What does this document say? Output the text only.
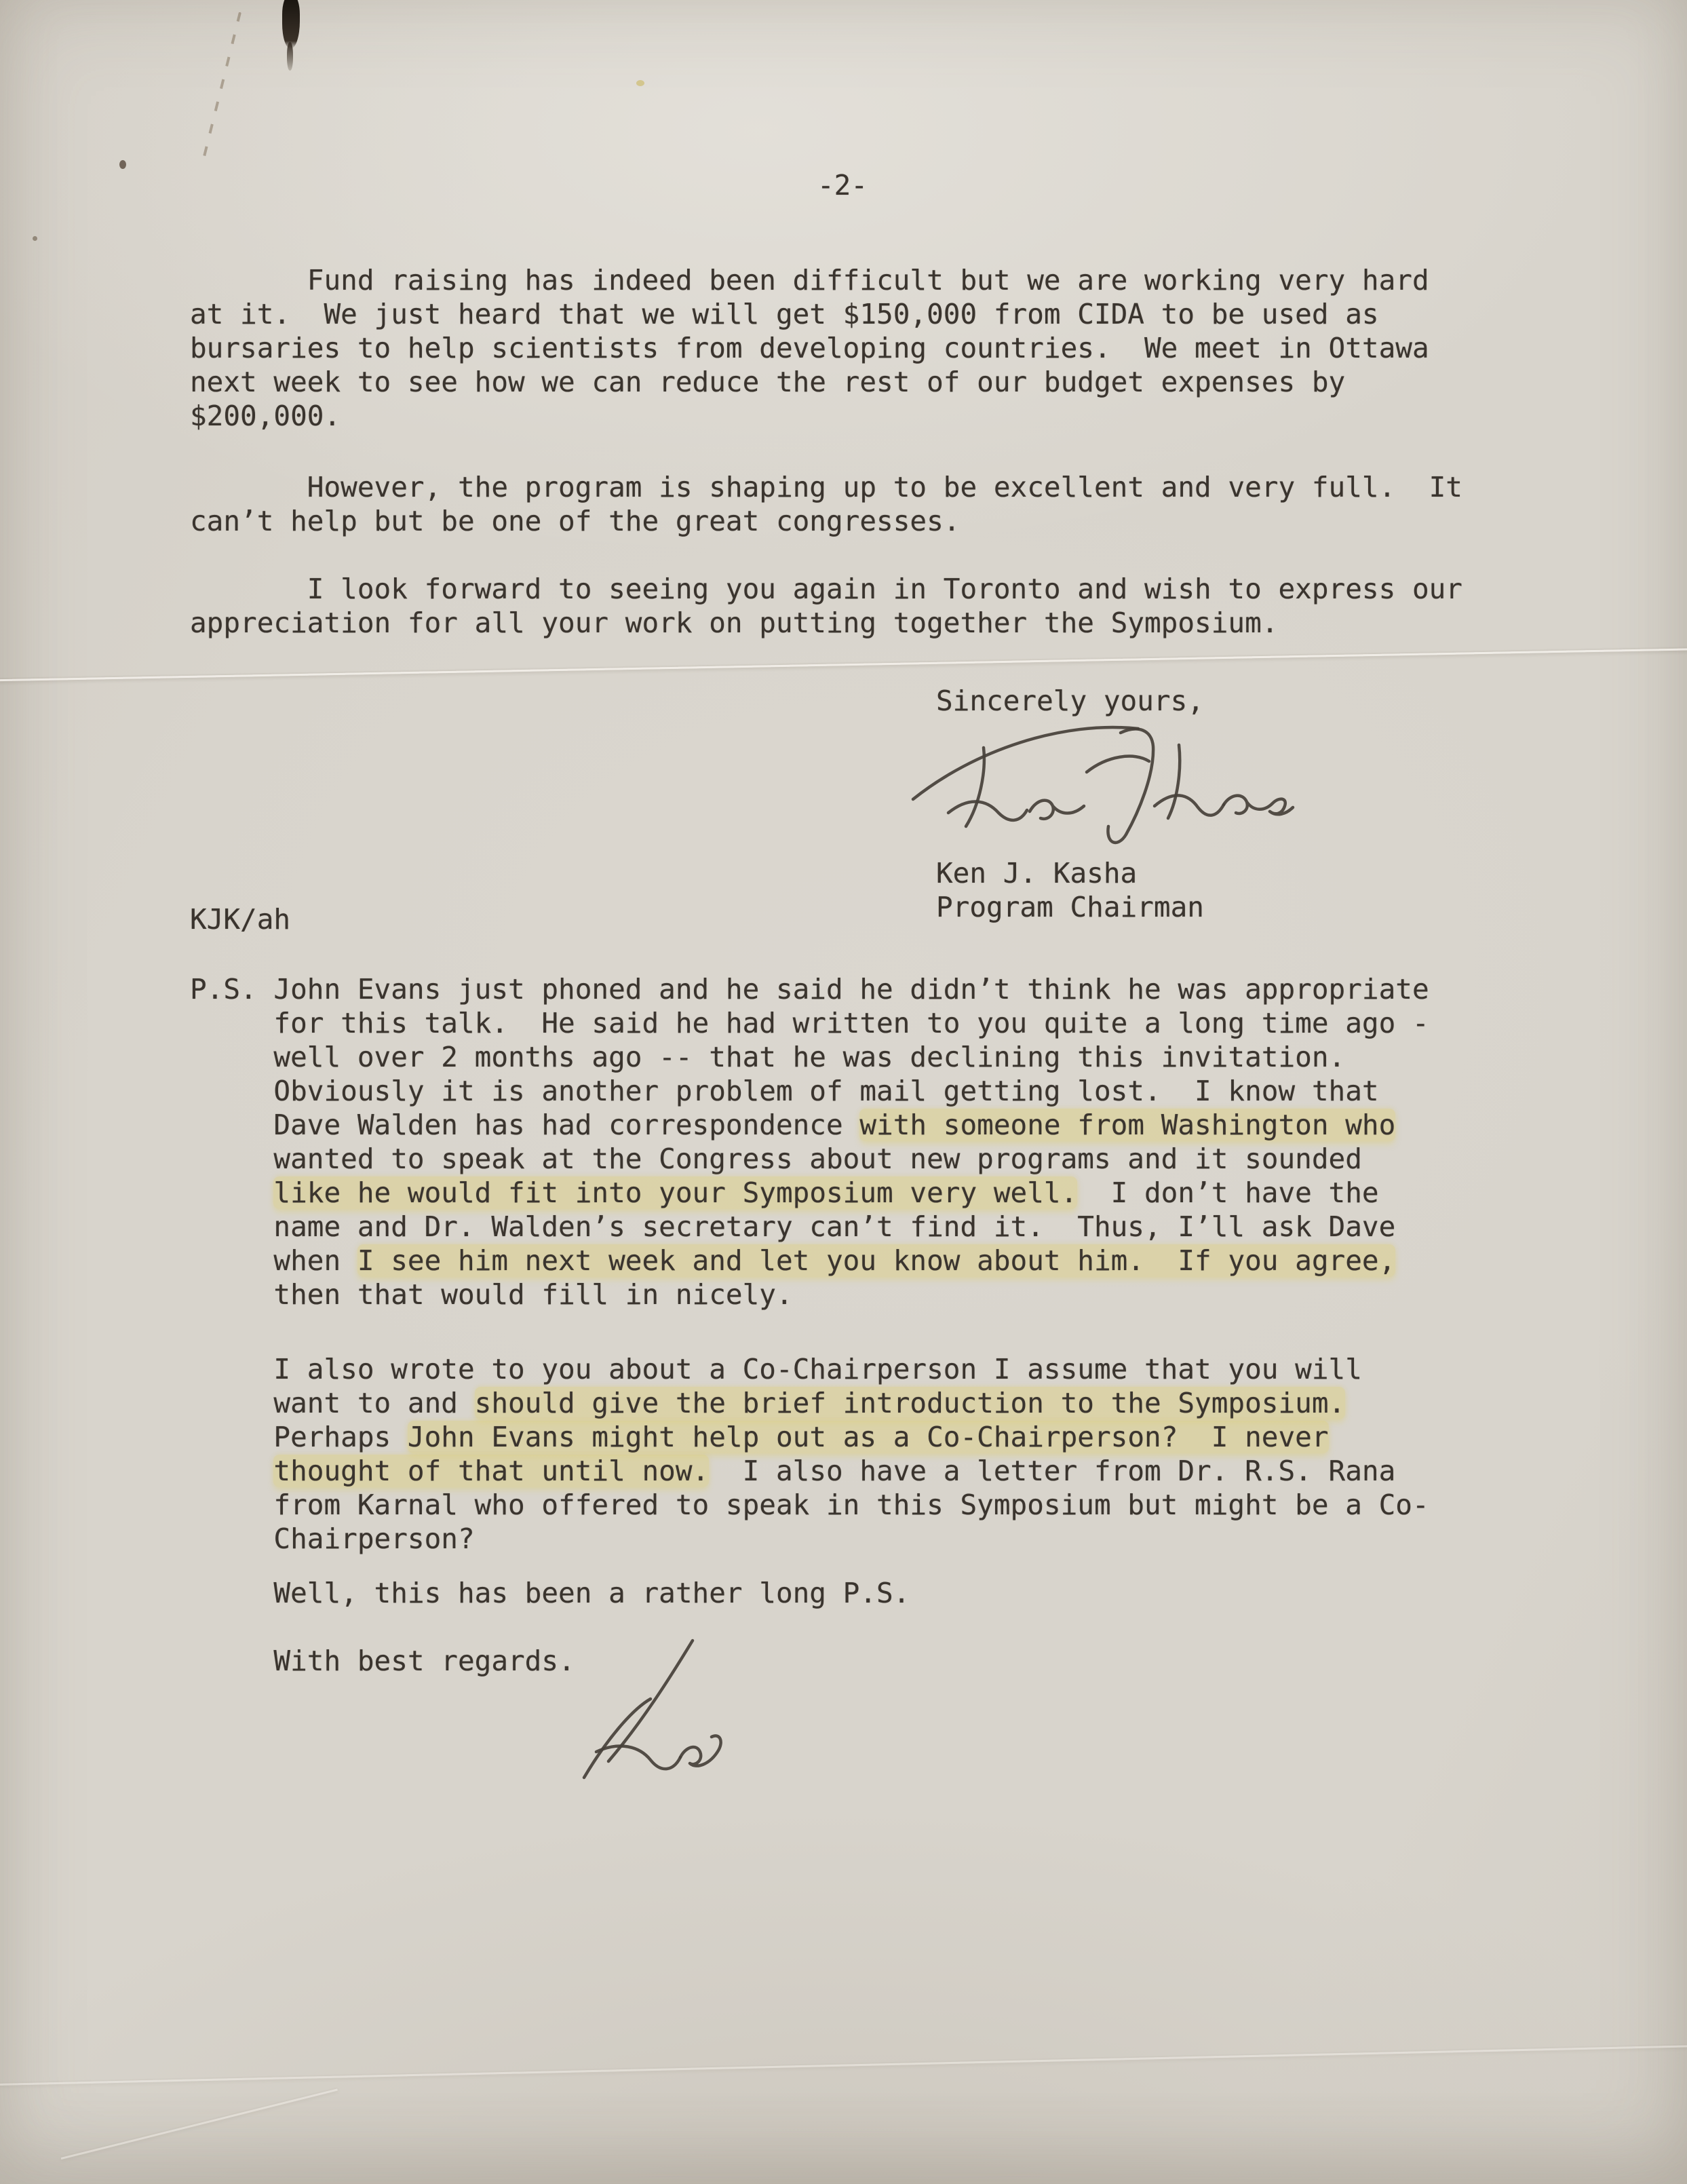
-2-
Fund raising has indeed been difficult but we are working very hard
at it.  We just heard that we will get $150,000 from CIDA to be used as
bursaries to help scientists from developing countries.  We meet in Ottawa
next week to see how we can reduce the rest of our budget expenses by
$200,000.
However, the program is shaping up to be excellent and very full.  It
can’t help but be one of the great congresses.
I look forward to seeing you again in Toronto and wish to express our
appreciation for all your work on putting together the Symposium.
Sincerely yours,
Ken J. Kasha
Program Chairman
KJK/ah
P.S. John Evans just phoned and he said he didn’t think he was appropriate
for this talk.  He said he had written to you quite a long time ago -
well over 2 months ago -- that he was declining this invitation.
Obviously it is another problem of mail getting lost.  I know that
Dave Walden has had correspondence with someone from Washington who
wanted to speak at the Congress about new programs and it sounded
like he would fit into your Symposium very well.  I don’t have the
name and Dr. Walden’s secretary can’t find it.  Thus, I’ll ask Dave
when I see him next week and let you know about him.  If you agree,
then that would fill in nicely.
I also wrote to you about a Co-Chairperson I assume that you will
want to and should give the brief introduction to the Symposium.
Perhaps John Evans might help out as a Co-Chairperson?  I never
thought of that until now.  I also have a letter from Dr. R.S. Rana
from Karnal who offered to speak in this Symposium but might be a Co-
Chairperson?
Well, this has been a rather long P.S.
With best regards.
